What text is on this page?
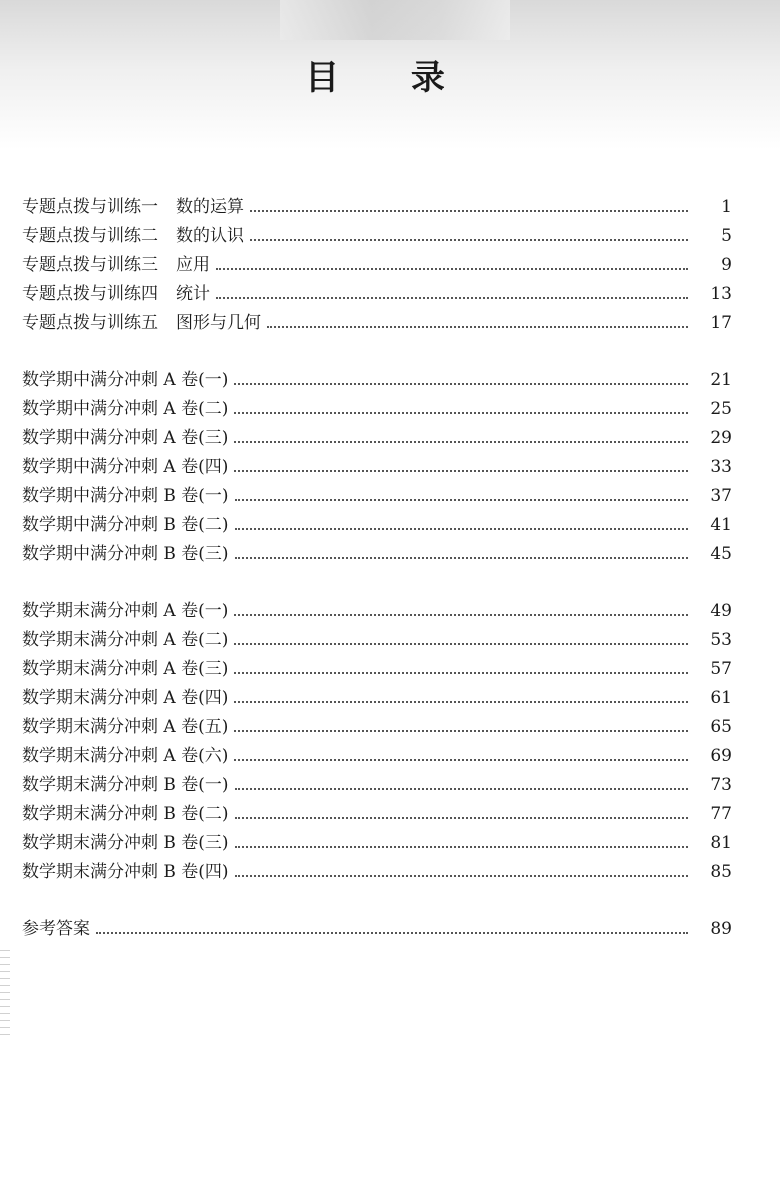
目 录
专题点拨与训练一 数的运算	1
专题点拨与训练二 数的认识	5
专题点拨与训练三 应用	9
专题点拨与训练四 统计	13
专题点拨与训练五 图形与几何	17
数学期中满分冲刺 A 卷(一)	21
数学期中满分冲刺 A 卷(二)	25
数学期中满分冲刺 A 卷(三)	29
数学期中满分冲刺 A 卷(四)	33
数学期中满分冲刺 B 卷(一)	37
数学期中满分冲刺 B 卷(二)	41
数学期中满分冲刺 B 卷(三)	45
数学期末满分冲刺 A 卷(一)	49
数学期末满分冲刺 A 卷(二)	53
数学期末满分冲刺 A 卷(三)	57
数学期末满分冲刺 A 卷(四)	61
数学期末满分冲刺 A 卷(五)	65
数学期末满分冲刺 A 卷(六)	69
数学期末满分冲刺 B 卷(一)	73
数学期末满分冲刺 B 卷(二)	77
数学期末满分冲刺 B 卷(三)	81
数学期末满分冲刺 B 卷(四)	85
参考答案	89
